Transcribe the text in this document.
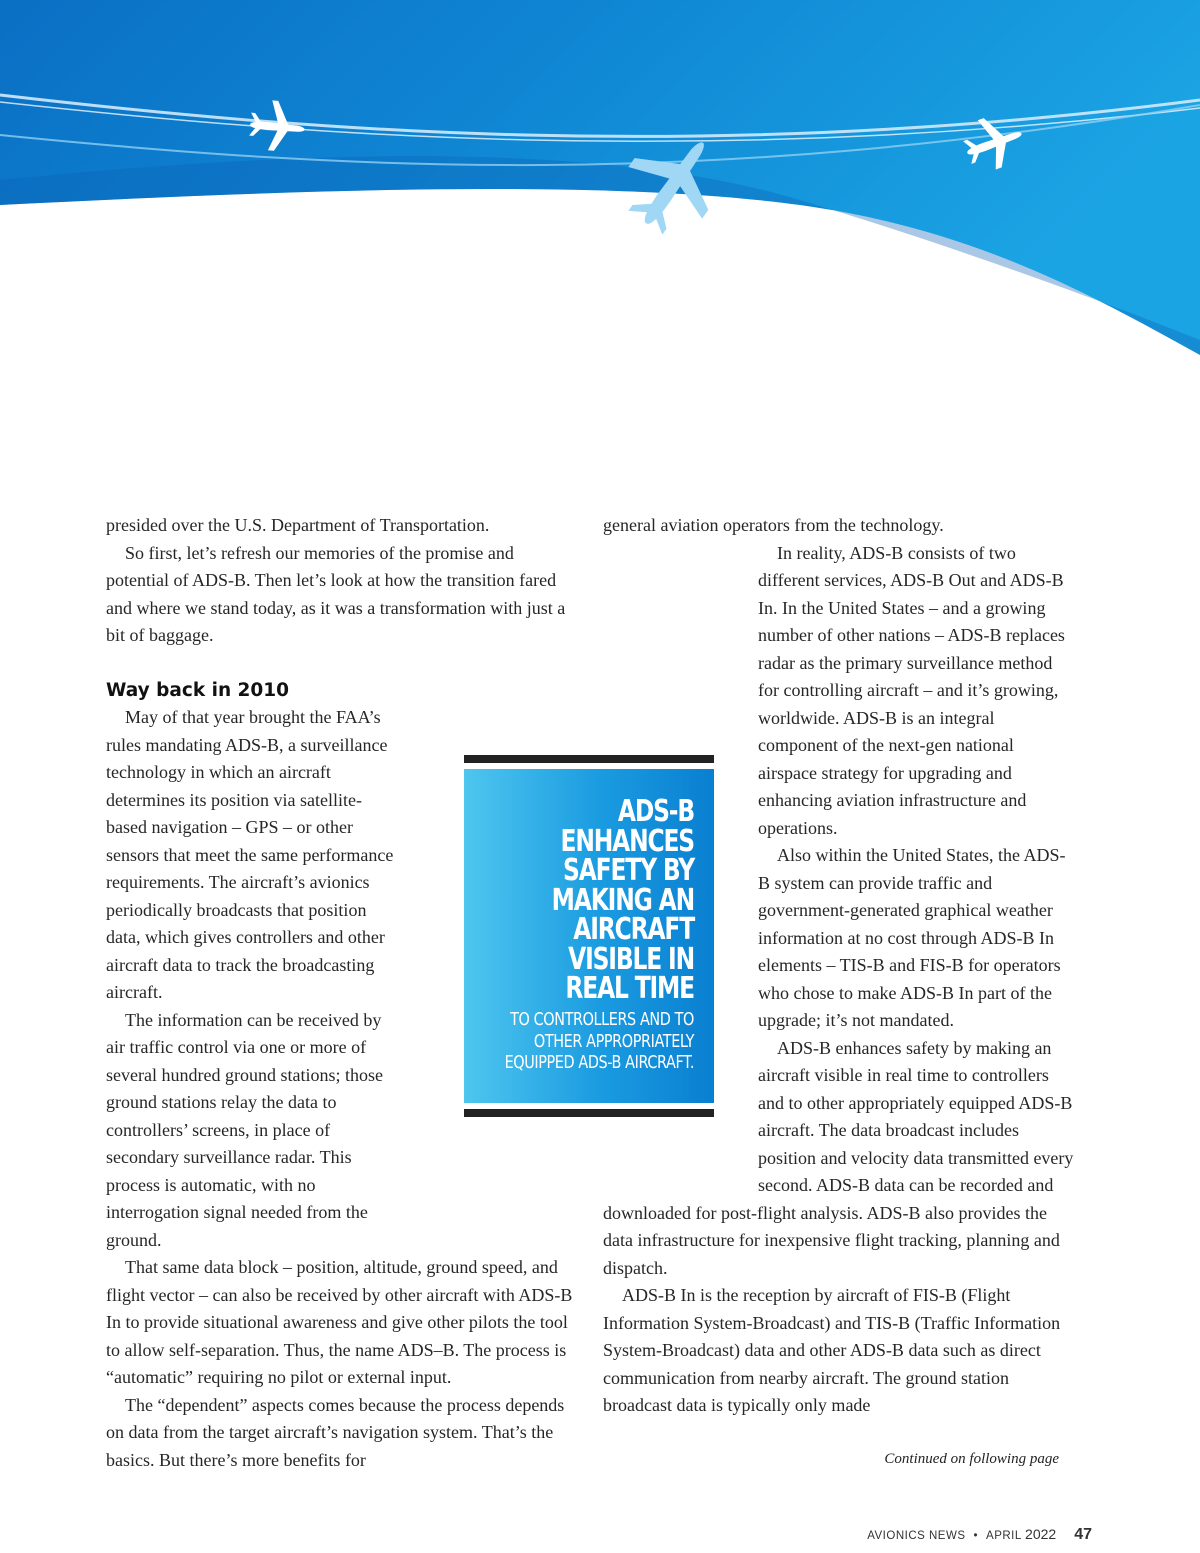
presided over the U.S. Department of Transportation.

So first, let’s refresh our memories of the promise and potential of ADS-B. Then let’s look at how the transition fared and where we stand today, as it was a transformation with just a bit of baggage.

Way back in 2010

May of that year brought the FAA’s rules mandating ADS-B, a surveillance technology in which an aircraft determines its position via satellite-based navigation – GPS – or other sensors that meet the same performance requirements. The aircraft’s avionics periodically broadcasts that position data, which gives controllers and other aircraft data to track the broadcasting aircraft.

The information can be received by air traffic control via one or more of several hundred ground stations; those ground stations relay the data to controllers’ screens, in place of secondary surveillance radar. This process is automatic, with no interrogation signal needed from the ground.

That same data block – position, altitude, ground speed, and flight vector – can also be received by other aircraft with ADS-B In to provide situational awareness and give other pilots the tool to allow self-separation. Thus, the name ADS–B. The process is “automatic” requiring no pilot or external input.

The “dependent” aspects comes because the process depends on data from the target aircraft’s navigation system. That’s the basics. But there’s more benefits for

general aviation operators from the technology.

In reality, ADS-B consists of two different services, ADS-B Out and ADS-B In. In the United States – and a growing number of other nations – ADS-B replaces radar as the primary surveillance method for controlling aircraft – and it’s growing, worldwide. ADS-B is an integral component of the next-gen national airspace strategy for upgrading and enhancing aviation infrastructure and operations.

Also within the United States, the ADS-B system can provide traffic and government-generated graphical weather information at no cost through ADS-B In elements – TIS-B and FIS-B for operators who chose to make ADS-B In part of the upgrade; it’s not mandated.

ADS-B enhances safety by making an aircraft visible in real time to controllers and to other appropriately equipped ADS-B aircraft. The data broadcast includes position and velocity data transmitted every second. ADS-B data can be recorded and downloaded for post-flight analysis. ADS-B also provides the data infrastructure for inexpensive flight tracking, planning and dispatch.

ADS-B In is the reception by aircraft of FIS-B (Flight Information System-Broadcast) and TIS-B (Traffic Information System-Broadcast) data and other ADS-B data such as direct communication from nearby aircraft. The ground station broadcast data is typically only made

ADS-B ENHANCES SAFETY BY MAKING AN AIRCRAFT VISIBLE IN REAL TIME
TO CONTROLLERS AND TO OTHER APPROPRIATELY EQUIPPED ADS-B AIRCRAFT.
Continued on following page
AVIONICS NEWS • APRIL 2022 47
